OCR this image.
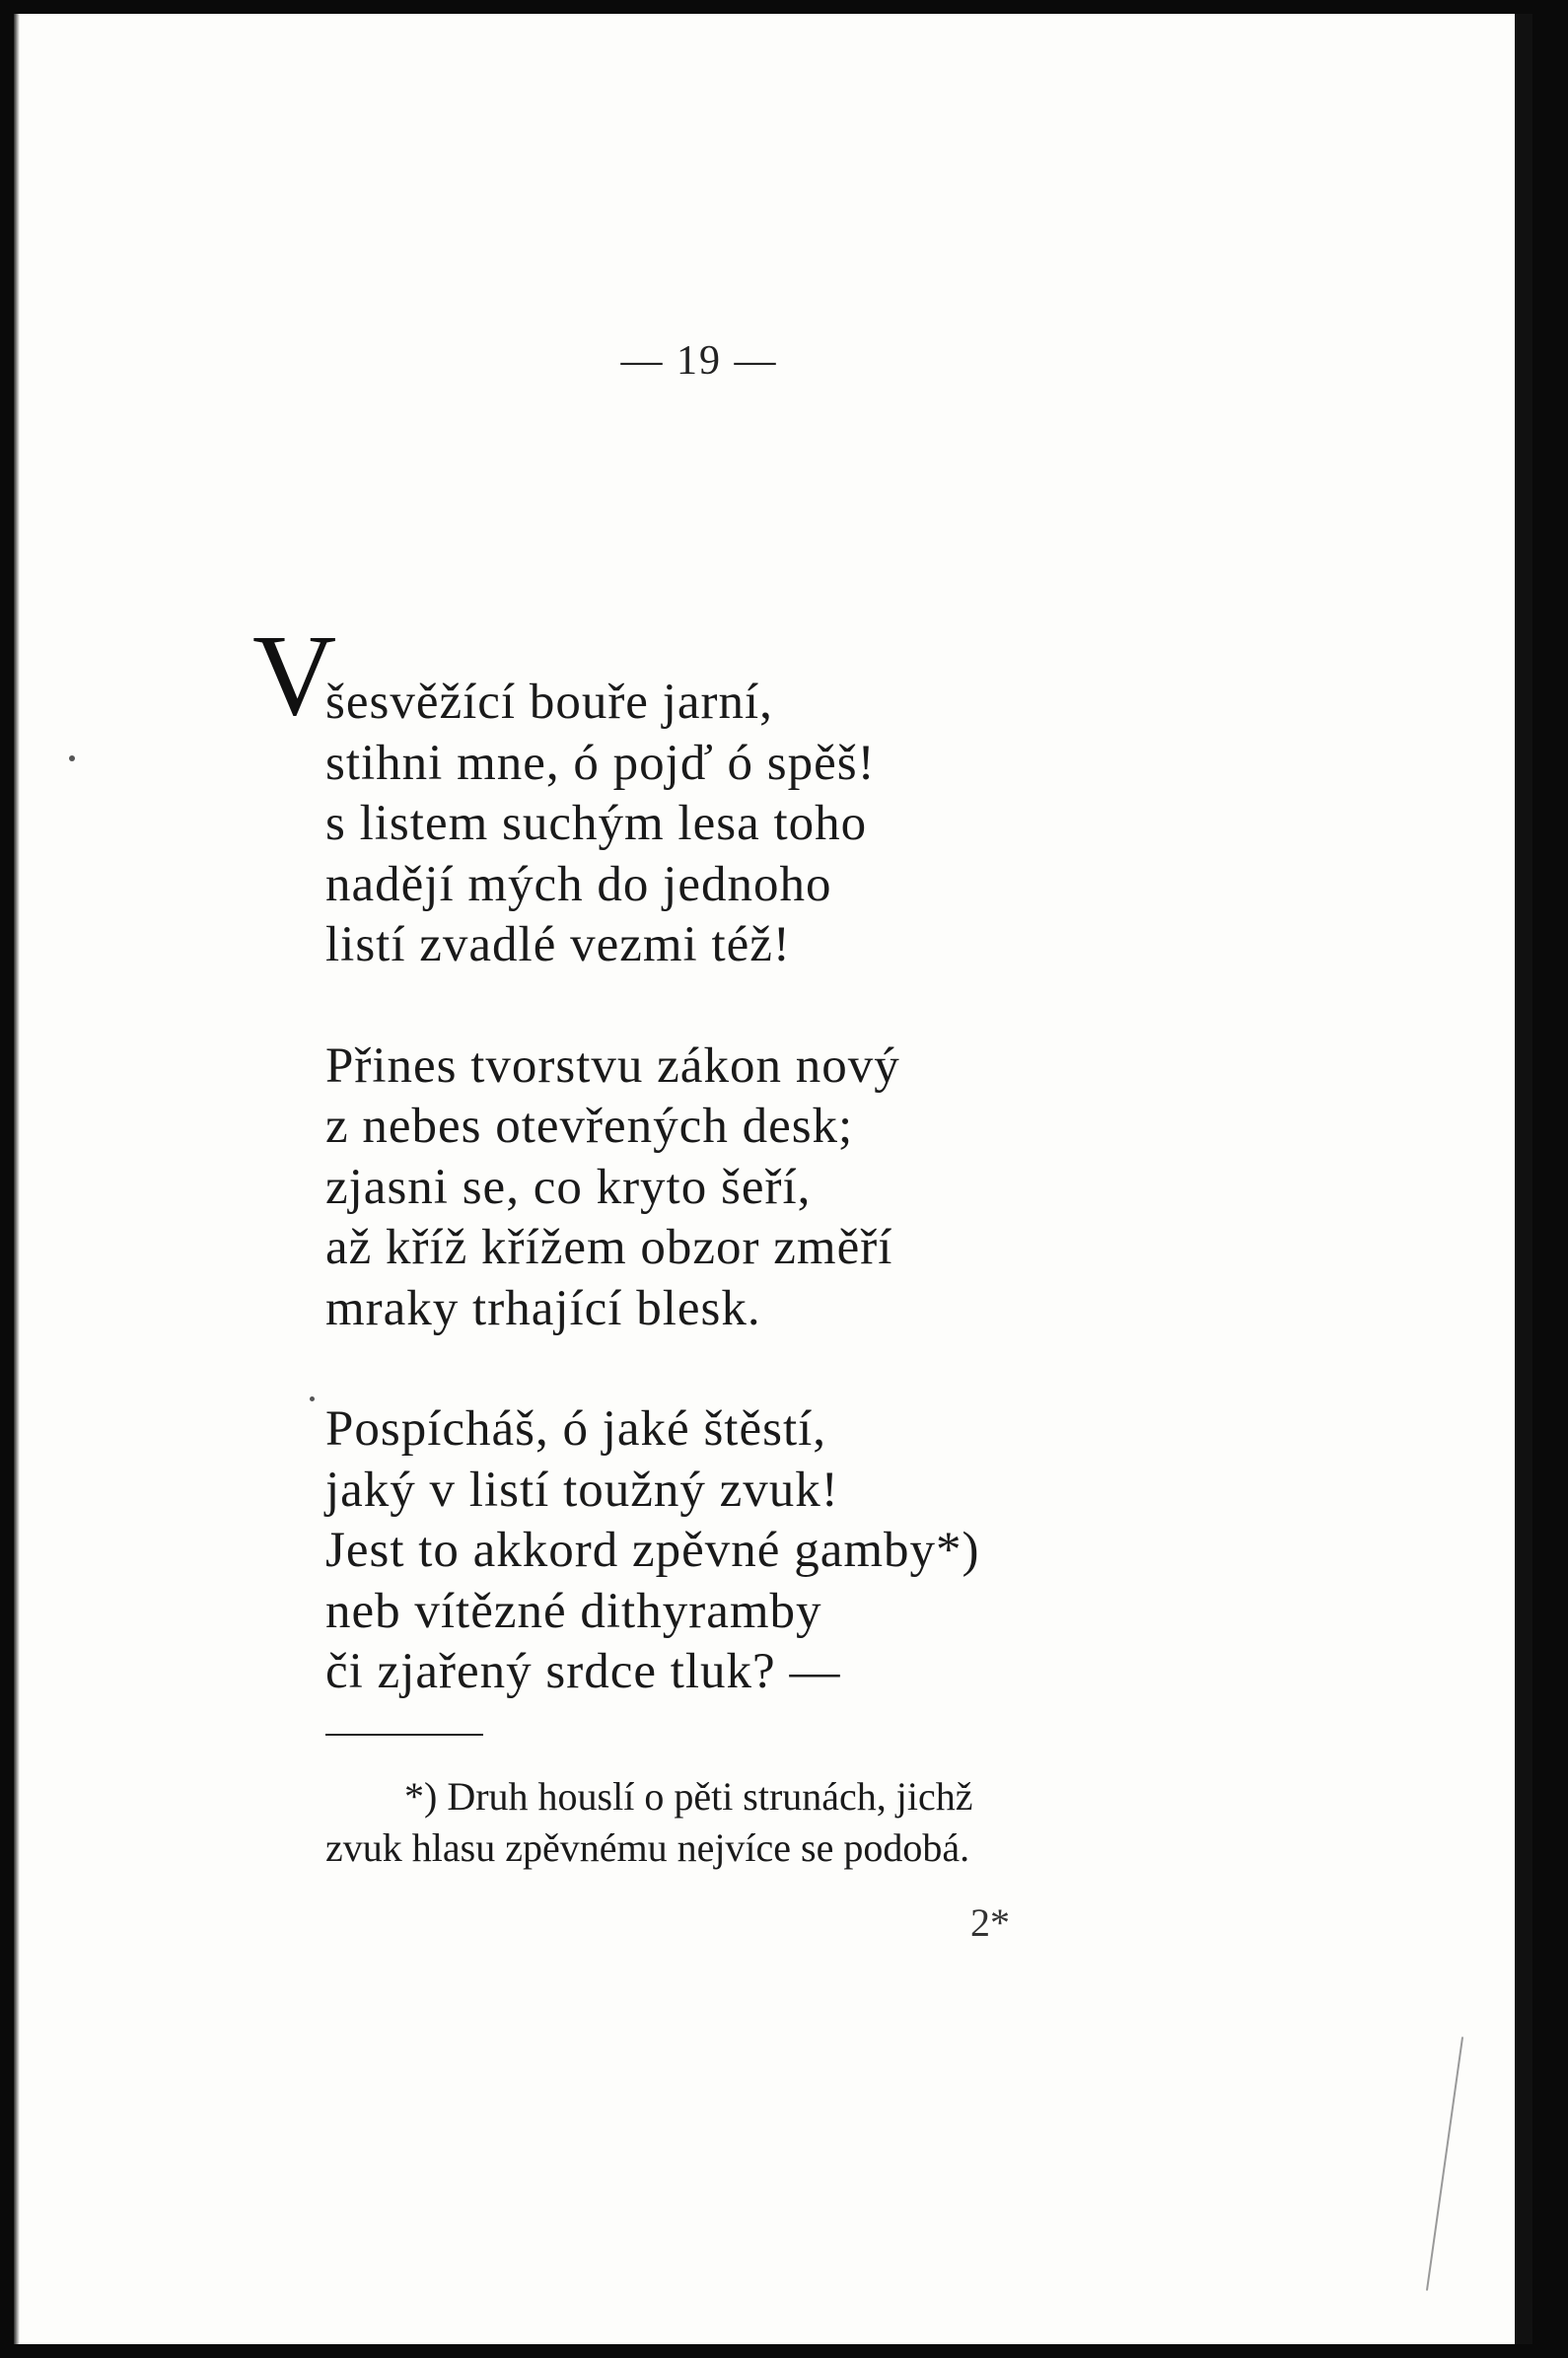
— 19 —
V
šesvěžící bouře jarní,
stihni mne, ó pojď ó spěš!
s listem suchým lesa toho
nadějí mých do jednoho
listí zvadlé vezmi též!
Přines tvorstvu zákon nový
z nebes otevřených desk;
zjasni se, co kryto šeří,
až kříž křížem obzor změří
mraky trhající blesk.
Pospícháš, ó jaké štěstí,
jaký v listí toužný zvuk!
Jest to akkord zpěvné gamby*)
neb vítězné dithyramby
či zjařený srdce tluk? —
*) Druh houslí o pěti strunách, jichž
zvuk hlasu zpěvnému nejvíce se podobá.
2*
